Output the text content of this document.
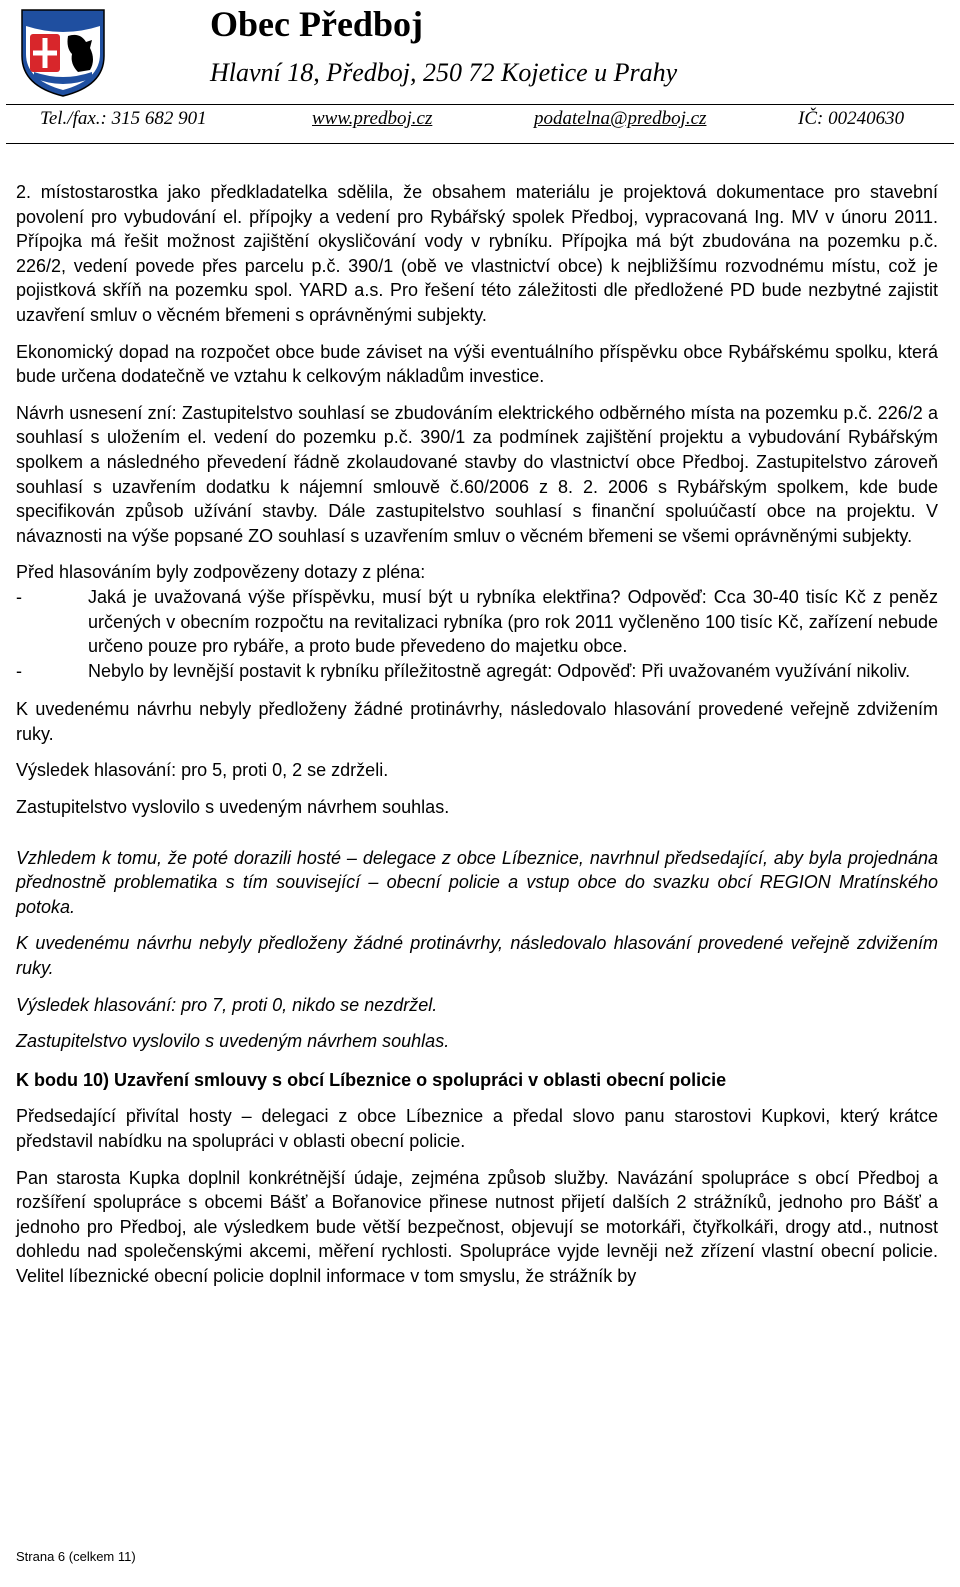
Obec Předboj
Hlavní 18, Předboj, 250 72 Kojetice u Prahy
Tel./fax.: 315 682 901	www.predboj.cz	podatelna@predboj.cz	IČ: 00240630

2. místostarostka jako předkladatelka sdělila, že obsahem materiálu je projektová dokumentace pro stavební povolení pro vybudování el. přípojky a vedení pro Rybářský spolek Předboj, vypracovaná Ing. MV v únoru 2011. Přípojka má řešit možnost zajištění okysličování vody v rybníku. Přípojka má být zbudována na pozemku p.č. 226/2, vedení povede přes parcelu p.č. 390/1 (obě ve vlastnictví obce) k nejbližšímu rozvodnému místu, což je pojistková skříň na pozemku spol. YARD a.s. Pro řešení této záležitosti dle předložené PD bude nezbytné zajistit uzavření smluv o věcném břemeni s oprávněnými subjekty.

Ekonomický dopad na rozpočet obce bude záviset na výši eventuálního příspěvku obce Rybářskému spolku, která bude určena dodatečně ve vztahu k celkovým nákladům investice.

Návrh usnesení zní: Zastupitelstvo souhlasí se zbudováním elektrického odběrného místa na pozemku p.č. 226/2 a souhlasí s uložením el. vedení do pozemku p.č. 390/1 za podmínek zajištění projektu a vybudování Rybářským spolkem a následného převedení řádně zkolaudované stavby do vlastnictví obce Předboj. Zastupitelstvo zároveň souhlasí s uzavřením dodatku k nájemní smlouvě č.60/2006 z 8. 2. 2006 s Rybářským spolkem, kde bude specifikován způsob užívání stavby. Dále zastupitelstvo souhlasí s finanční spoluúčastí obce na projektu. V návaznosti na výše popsané ZO souhlasí s uzavřením smluv o věcném břemeni se všemi oprávněnými subjekty.

Před hlasováním byly zodpovězeny dotazy z pléna:
-	Jaká je uvažovaná výše příspěvku, musí být u rybníka elektřina? Odpověď: Cca 30-40 tisíc Kč z peněz určených v obecním rozpočtu na revitalizaci rybníka (pro rok 2011 vyčleněno 100 tisíc Kč, zařízení nebude určeno pouze pro rybáře, a proto bude převedeno do majetku obce.
-	Nebylo by levnější postavit k rybníku příležitostně agregát: Odpověď: Při uvažovaném využívání nikoliv.

K uvedenému návrhu nebyly předloženy žádné protinávrhy, následovalo hlasování provedené veřejně zdvižením ruky.

Výsledek hlasování: pro 5, proti 0, 2 se zdrželi.

Zastupitelstvo vyslovilo s uvedeným návrhem souhlas.

Vzhledem k tomu, že poté dorazili hosté – delegace z obce Líbeznice, navrhnul předsedající, aby byla projednána přednostně problematika s tím související – obecní policie a vstup obce do svazku obcí REGION Mratínského potoka.

K uvedenému návrhu nebyly předloženy žádné protinávrhy, následovalo hlasování provedené veřejně zdvižením ruky.

Výsledek hlasování: pro 7, proti 0, nikdo se nezdržel.

Zastupitelstvo vyslovilo s uvedeným návrhem souhlas.

K bodu 10) Uzavření smlouvy s obcí Líbeznice o spolupráci v oblasti obecní policie

Předsedající přivítal hosty – delegaci z obce Líbeznice a předal slovo panu starostovi Kupkovi, který krátce představil nabídku na spolupráci v oblasti obecní policie.

Pan starosta Kupka doplnil konkrétnější údaje, zejména způsob služby. Navázání spolupráce s obcí Předboj a rozšíření spolupráce s obcemi Bášť a Bořanovice přinese nutnost přijetí dalších 2 strážníků, jednoho pro Bášť a jednoho pro Předboj, ale výsledkem bude větší bezpečnost, objevují se motorkáři, čtyřkolkáři, drogy atd., nutnost dohledu nad společenskými akcemi, měření rychlosti. Spolupráce vyjde levněji než zřízení vlastní obecní policie. Velitel líbeznické obecní policie doplnil informace v tom smyslu, že strážník by

Strana 6 (celkem 11)
